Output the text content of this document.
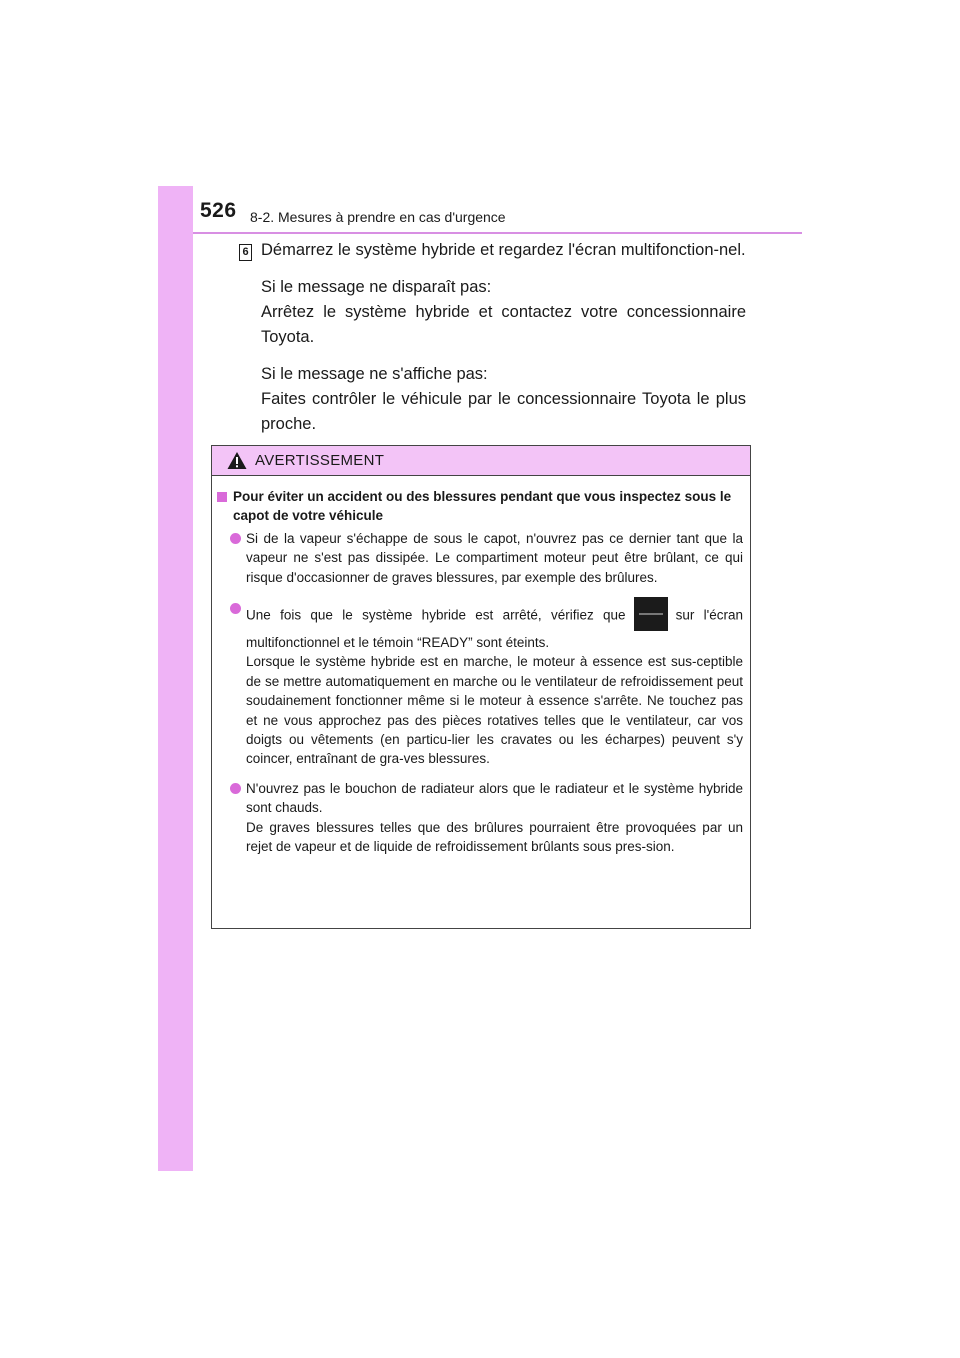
526 8-2. Mesures à prendre en cas d'urgence
6 Démarrez le système hybride et regardez l'écran multifonction-nel.

Si le message ne disparaît pas:

Arrêtez le système hybride et contactez votre concessionnaire Toyota.

Si le message ne s'affiche pas:

Faites contrôler le véhicule par le concessionnaire Toyota le plus proche.

AVERTISSEMENT
Pour éviter un accident ou des blessures pendant que vous inspectez sous le capot de votre véhicule

Si de la vapeur s'échappe de sous le capot, n'ouvrez pas ce dernier tant que la vapeur ne s'est pas dissipée. Le compartiment moteur peut être brûlant, ce qui risque d'occasionner de graves blessures, par exemple des brûlures.

Une fois que le système hybride est arrêté, vérifiez que	sur l'écran

multifonctionnel et le témoin “READY” sont éteints.

Lorsque le système hybride est en marche, le moteur à essence est sus-ceptible de se mettre automatiquement en marche ou le ventilateur de refroidissement peut soudainement fonctionner même si le moteur à essence s'arrête. Ne touchez pas et ne vous approchez pas des pièces rotatives telles que le ventilateur, car vos doigts ou vêtements (en particu-lier les cravates ou les écharpes) peuvent s'y coincer, entraînant de gra-ves blessures.

N'ouvrez pas le bouchon de radiateur alors que le radiateur et le système hybride sont chauds.

De graves blessures telles que des brûlures pourraient être provoquées par un rejet de vapeur et de liquide de refroidissement brûlants sous pres-sion.
